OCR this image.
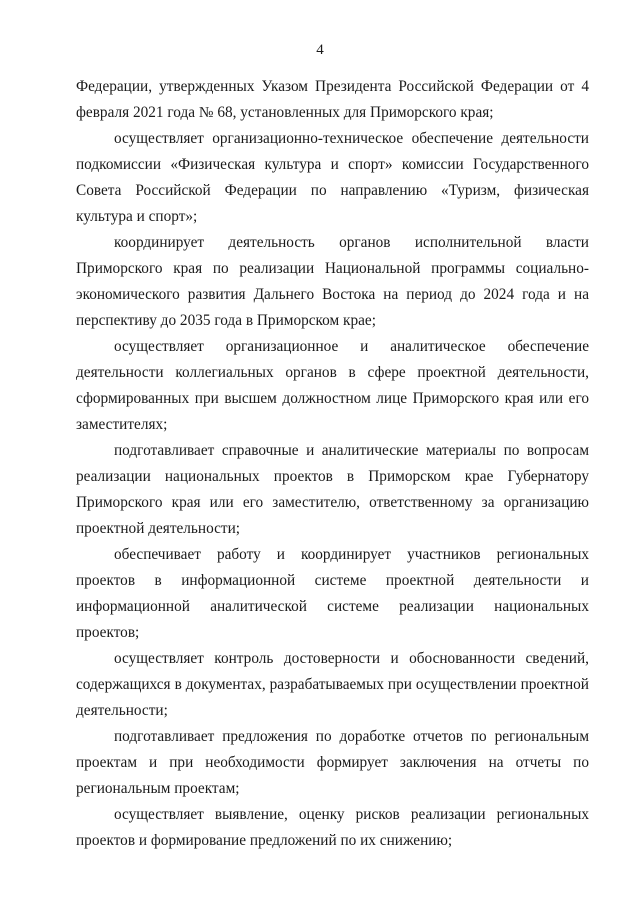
4

Федерации, утвержденных Указом Президента Российской Федерации от 4 февраля 2021 года № 68, установленных для Приморского края;

осуществляет организационно-техническое обеспечение деятельности подкомиссии «Физическая культура и спорт» комиссии Государственного Совета Российской Федерации по направлению «Туризм, физическая культура и спорт»;

координирует деятельность органов исполнительной власти Приморского края по реализации Национальной программы социально-экономического развития Дальнего Востока на период до 2024 года и на перспективу до 2035 года в Приморском крае;

осуществляет организационное и аналитическое обеспечение деятельности коллегиальных органов в сфере проектной деятельности, сформированных при высшем должностном лице Приморского края или его заместителях;

подготавливает справочные и аналитические материалы по вопросам реализации национальных проектов в Приморском крае Губернатору Приморского края или его заместителю, ответственному за организацию проектной деятельности;

обеспечивает работу и координирует участников региональных проектов в информационной системе проектной деятельности и информационной аналитической системе реализации национальных проектов;

осуществляет контроль достоверности и обоснованности сведений, содержащихся в документах, разрабатываемых при осуществлении проектной деятельности;

подготавливает предложения по доработке отчетов по региональным проектам и при необходимости формирует заключения на отчеты по региональным проектам;

осуществляет выявление, оценку рисков реализации региональных проектов и формирование предложений по их снижению;
